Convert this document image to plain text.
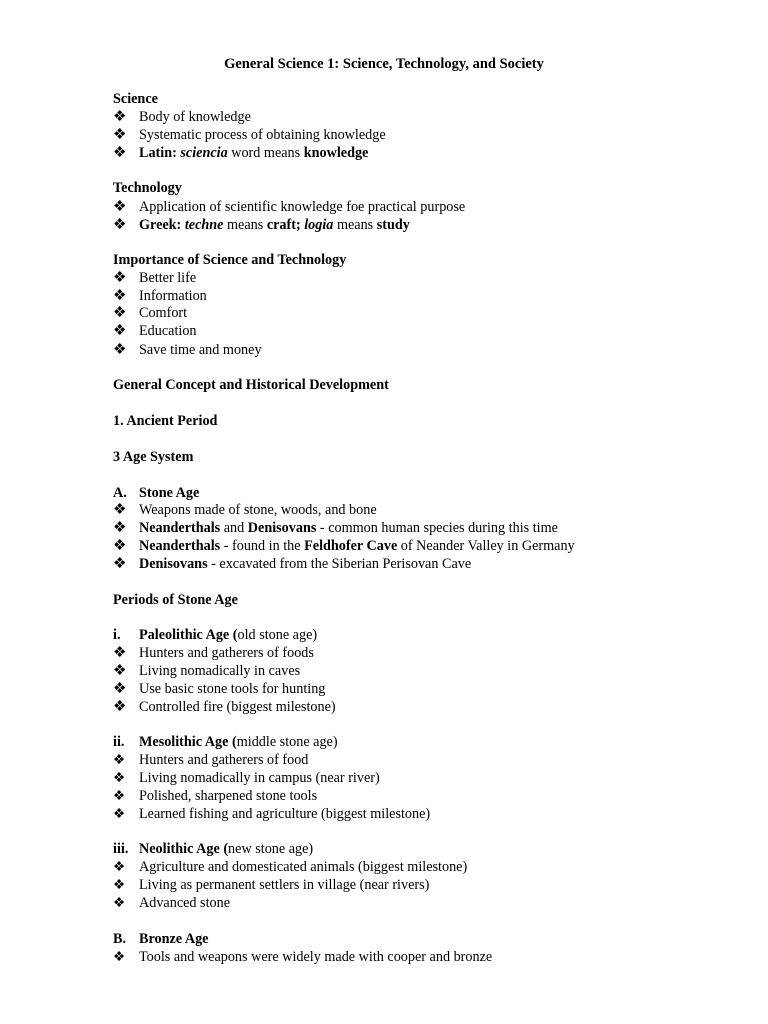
General Science 1: Science, Technology, and Society
Science
❖ Body of knowledge
❖ Systematic process of obtaining knowledge
❖ Latin: sciencia word means knowledge
Technology
❖ Application of scientific knowledge foe practical purpose
❖ Greek: techne means craft; logia means study
Importance of Science and Technology
❖ Better life
❖ Information
❖ Comfort
❖ Education
❖ Save time and money
General Concept and Historical Development
1. Ancient Period
3 Age System
A. Stone Age
❖ Weapons made of stone, woods, and bone
❖ Neanderthals and Denisovans - common human species during this time
❖ Neanderthals - found in the Feldhofer Cave of Neander Valley in Germany
❖ Denisovans - excavated from the Siberian Perisovan Cave
Periods of Stone Age
i. Paleolithic Age (old stone age)
❖ Hunters and gatherers of foods
❖ Living nomadically in caves
❖ Use basic stone tools for hunting
❖ Controlled fire (biggest milestone)
ii. Mesolithic Age (middle stone age)
❖ Hunters and gatherers of food
❖ Living nomadically in campus (near river)
❖ Polished, sharpened stone tools
❖ Learned fishing and agriculture (biggest milestone)
iii. Neolithic Age (new stone age)
❖ Agriculture and domesticated animals (biggest milestone)
❖ Living as permanent settlers in village (near rivers)
❖ Advanced stone
B. Bronze Age
❖ Tools and weapons were widely made with cooper and bronze
